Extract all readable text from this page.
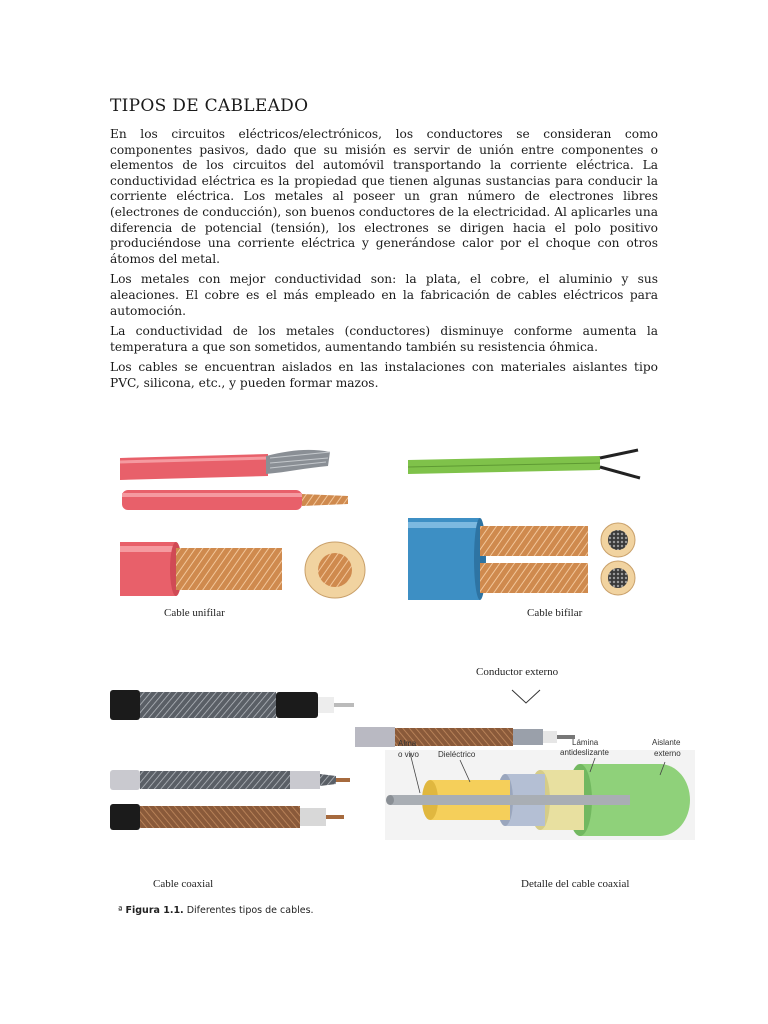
TIPOS DE CABLEADO

En los circuitos eléctricos/electrónicos, los conductores se consideran como componentes pasivos, dado que su misión es servir de unión entre componentes o elementos de los circuitos del automóvil transportando la corriente eléctrica. La conductividad eléctrica es la propiedad que tienen algunas sustancias para conducir la corriente eléctrica. Los metales al poseer un gran número de electrones libres (electrones de conducción), son buenos conductores de la electricidad. Al aplicarles una diferencia de potencial (tensión), los electrones se dirigen hacia el polo positivo produciéndose una corriente eléctrica y generándose calor por el choque con otros átomos del metal.

Los metales con mejor conductividad son: la plata, el cobre, el aluminio y sus aleaciones. El cobre es el más empleado en la fabricación de cables eléctricos para automoción.

La conductividad de los metales (conductores) disminuye conforme aumenta la temperatura a que son sometidos, aumentando también su resistencia óhmica.

Los cables se encuentran aislados en las instalaciones con materiales aislantes tipo PVC, silicona, etc., y pueden formar mazos.

Alma
o vivo Dieléctrico
Lámina
antideslizante
Aislante
externo
Cable unifilar	Cable bifilar
Conductor externo
Cable coaxial	Detalle del cable coaxial
ª Figura 1.1. Diferentes tipos de cables.
